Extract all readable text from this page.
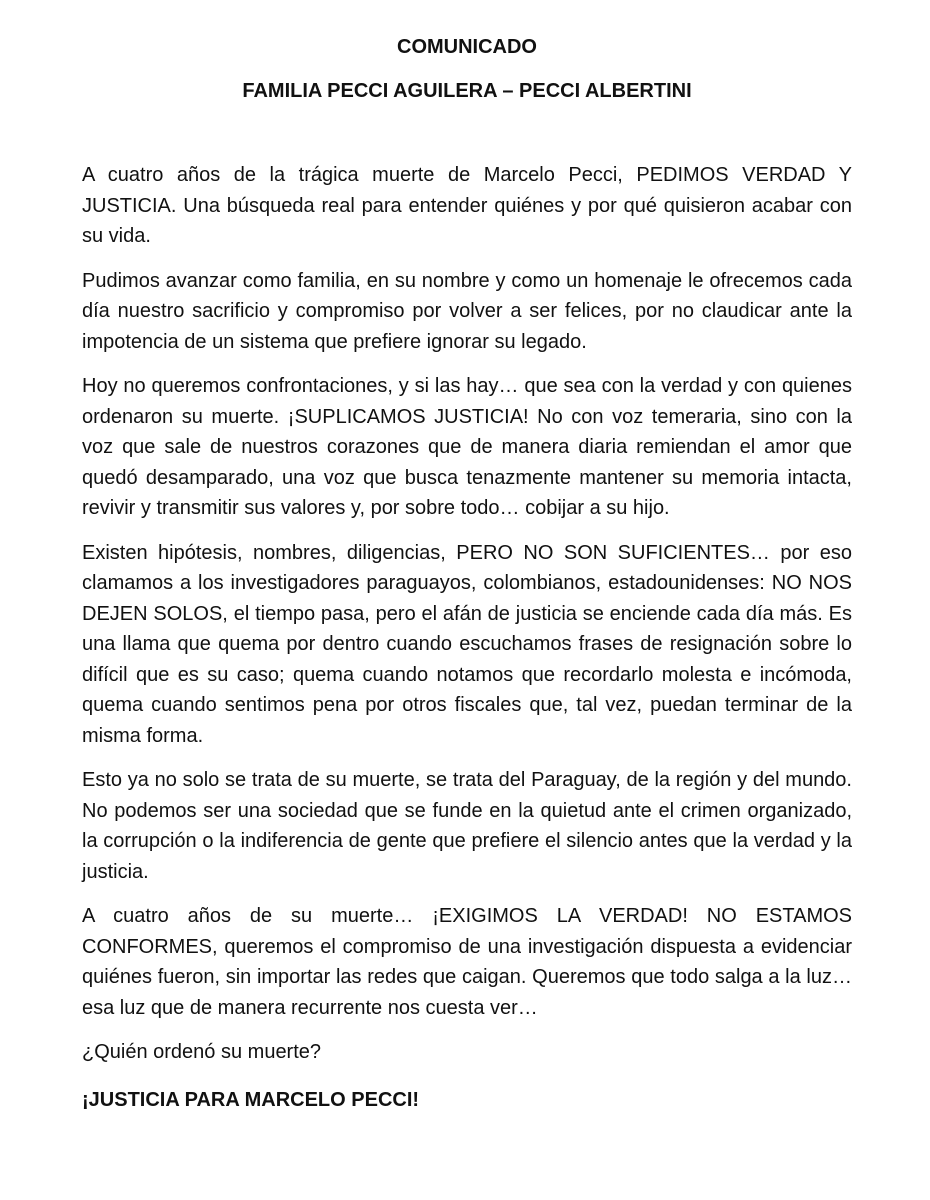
COMUNICADO
FAMILIA PECCI AGUILERA – PECCI ALBERTINI

A cuatro años de la trágica muerte de Marcelo Pecci, PEDIMOS VERDAD Y JUSTICIA. Una búsqueda real para entender quiénes y por qué quisieron acabar con su vida.

Pudimos avanzar como familia, en su nombre y como un homenaje le ofrecemos cada día nuestro sacrificio y compromiso por volver a ser felices, por no claudicar ante la impotencia de un sistema que prefiere ignorar su legado.

Hoy no queremos confrontaciones, y si las hay… que sea con la verdad y con quienes ordenaron su muerte. ¡SUPLICAMOS JUSTICIA! No con voz temeraria, sino con la voz que sale de nuestros corazones que de manera diaria remiendan el amor que quedó desamparado, una voz que busca tenazmente mantener su memoria intacta, revivir y transmitir sus valores y, por sobre todo… cobijar a su hijo.

Existen hipótesis, nombres, diligencias, PERO NO SON SUFICIENTES… por eso clamamos a los investigadores paraguayos, colombianos, estadounidenses: NO NOS DEJEN SOLOS, el tiempo pasa, pero el afán de justicia se enciende cada día más. Es una llama que quema por dentro cuando escuchamos frases de resignación sobre lo difícil que es su caso; quema cuando notamos que recordarlo molesta e incómoda, quema cuando sentimos pena por otros fiscales que, tal vez, puedan terminar de la misma forma.

Esto ya no solo se trata de su muerte, se trata del Paraguay, de la región y del mundo. No podemos ser una sociedad que se funde en la quietud ante el crimen organizado, la corrupción o la indiferencia de gente que prefiere el silencio antes que la verdad y la justicia.

A cuatro años de su muerte… ¡EXIGIMOS LA VERDAD! NO ESTAMOS CONFORMES, queremos el compromiso de una investigación dispuesta a evidenciar quiénes fueron, sin importar las redes que caigan. Queremos que todo salga a la luz… esa luz que de manera recurrente nos cuesta ver…

¿Quién ordenó su muerte?

¡JUSTICIA PARA MARCELO PECCI!
